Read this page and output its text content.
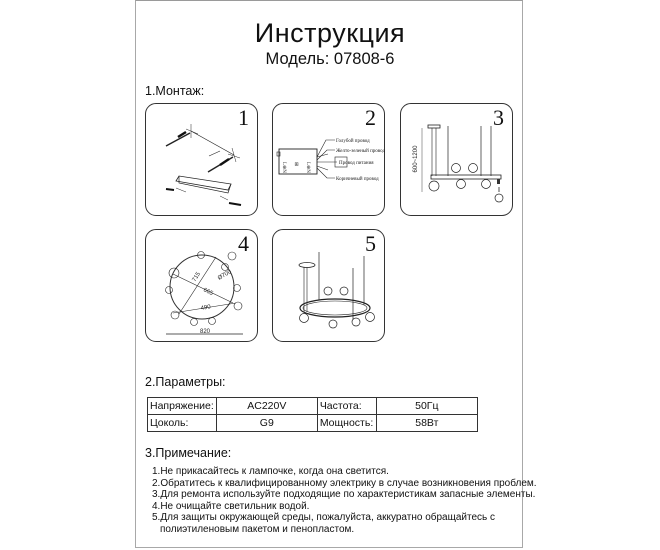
Инструкция
Модель: 07808-6
1.Монтаж:
1
L⊕N ⊞ L⊕N
Голубой провод
Желто-зеленый провод
Провод питания
Коричневый провод
2
600~1200
3
715 Ø700
665
490
820
4	5
2.Параметры:
Напряжение:	AC220V	Частота:	50Гц
Цоколь:	G9	Мощность:	58Вт
3.Примечание:
1.Не прикасайтесь к лампочке, когда она светится.
2.Обратитесь к квалифицированному электрику в случае возникновения проблем.
3.Для ремонта используйте подходящие по характеристикам запасные элементы.
4.Не очищайте светильник водой.
5.Для защиты окружающей среды, пожалуйста, аккуратно обращайтесь с
полиэтиленовым пакетом и пенопластом.
